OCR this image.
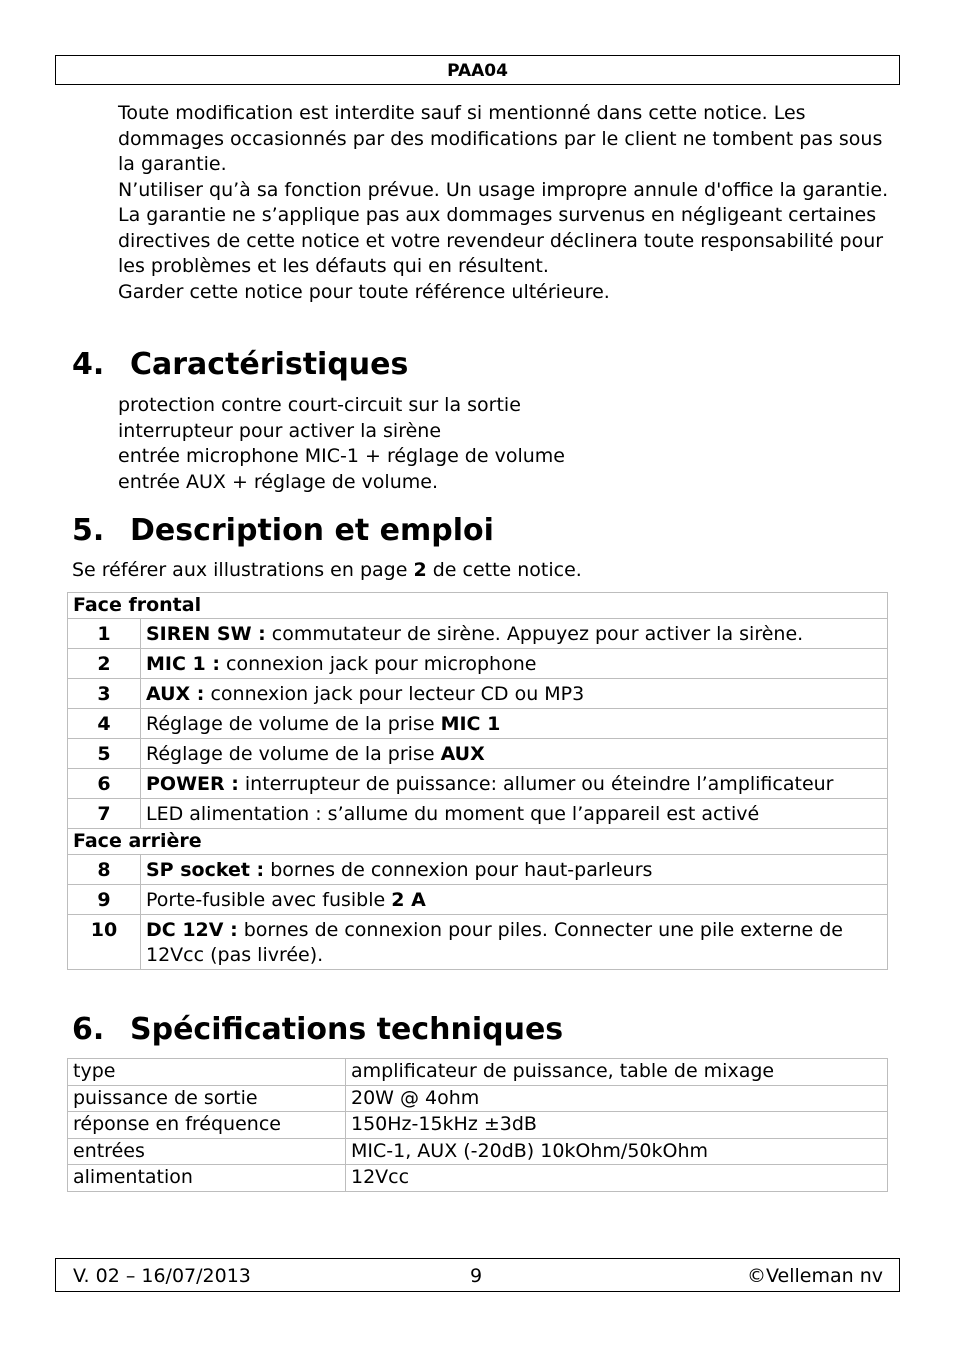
PAA04

Toute modification est interdite sauf si mentionné dans cette notice. Les dommages occasionnés par des modifications par le client ne tombent pas sous la garantie.

N’utiliser qu’à sa fonction prévue. Un usage impropre annule d'office la garantie.

La garantie ne s’applique pas aux dommages survenus en négligeant certaines directives de cette notice et votre revendeur déclinera toute responsabilité pour les problèmes et les défauts qui en résultent.

Garder cette notice pour toute référence ultérieure.

4. Caractéristiques

protection contre court-circuit sur la sortie

interrupteur pour activer la sirène

entrée microphone MIC-1 + réglage de volume

entrée AUX + réglage de volume.

5. Description et emploi

Se référer aux illustrations en page 2 de cette notice.

Face frontal	
1	SIREN SW : commutateur de sirène. Appuyez pour activer la sirène.
2	MIC 1 : connexion jack pour microphone
3	AUX : connexion jack pour lecteur CD ou MP3
4	Réglage de volume de la prise MIC 1
5	Réglage de volume de la prise AUX
6	POWER : interrupteur de puissance: allumer ou éteindre l’amplificateur
7	LED alimentation : s’allume du moment que l’appareil est activé
Face arrière	
8	SP socket : bornes de connexion pour haut-parleurs
9	Porte-fusible avec fusible 2 A
10	DC 12V : bornes de connexion pour piles. Connecter une pile externe de 12Vcc (pas livrée).
6. Spécifications techniques
type	amplificateur de puissance, table de mixage
puissance de sortie	20W @ 4ohm
réponse en fréquence	150Hz-15kHz ±3dB
entrées	MIC-1, AUX (-20dB) 10kOhm/50kOhm
alimentation	12Vcc
V. 02 – 16/07/2013	9	©Velleman nv
